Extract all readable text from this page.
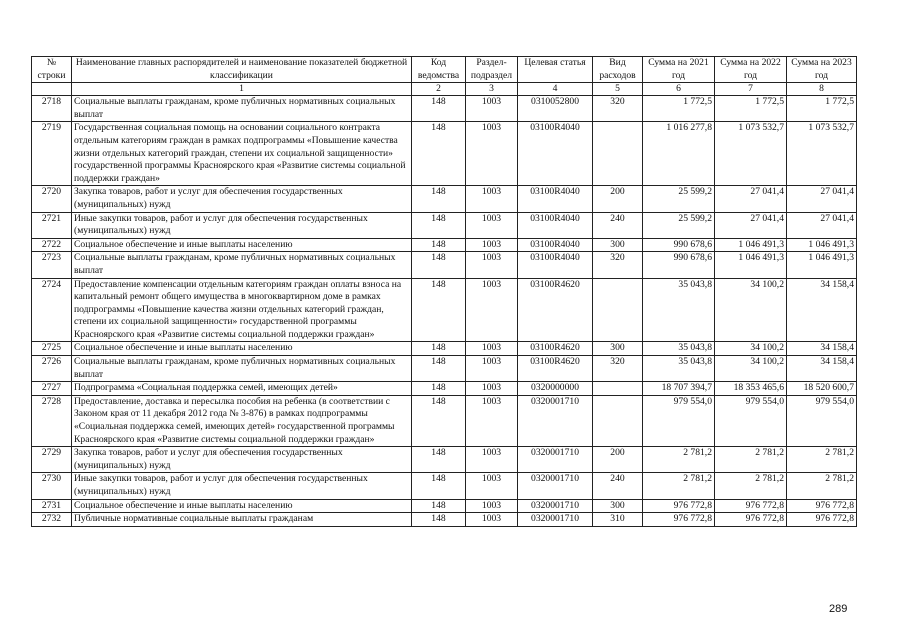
№ строки	Наименование главных распорядителей и наименование показателей бюджетной классификации	Код ведомства	Раздел-подраздел	Целевая статья	Вид расходов	Сумма на 2021 год	Сумма на 2022 год	Сумма на 2023 год
	1	2	3	4	5	6	7	8
2718	Социальные выплаты гражданам, кроме публичных нормативных социальных выплат	148	1003	0310052800	320	1 772,5	1 772,5	1 772,5
2719	Государственная социальная помощь на основании социального контракта отдельным категориям граждан в рамках подпрограммы «Повышение качества жизни отдельных категорий граждан, степени их социальной защищенности» государственной программы Красноярского края «Развитие системы социальной поддержки граждан»	148	1003	03100R4040		1 016 277,8	1 073 532,7	1 073 532,7
2720	Закупка товаров, работ и услуг для обеспечения государственных (муниципальных) нужд	148	1003	03100R4040	200	25 599,2	27 041,4	27 041,4
2721	Иные закупки товаров, работ и услуг для обеспечения государственных (муниципальных) нужд	148	1003	03100R4040	240	25 599,2	27 041,4	27 041,4
2722	Социальное обеспечение и иные выплаты населению	148	1003	03100R4040	300	990 678,6	1 046 491,3	1 046 491,3
2723	Социальные выплаты гражданам, кроме публичных нормативных социальных выплат	148	1003	03100R4040	320	990 678,6	1 046 491,3	1 046 491,3
2724	Предоставление компенсации отдельным категориям граждан оплаты взноса на капитальный ремонт общего имущества в многоквартирном доме в рамках подпрограммы «Повышение качества жизни отдельных категорий граждан, степени их социальной защищенности» государственной программы Красноярского края «Развитие системы социальной поддержки граждан»	148	1003	03100R4620		35 043,8	34 100,2	34 158,4
2725	Социальное обеспечение и иные выплаты населению	148	1003	03100R4620	300	35 043,8	34 100,2	34 158,4
2726	Социальные выплаты гражданам, кроме публичных нормативных социальных выплат	148	1003	03100R4620	320	35 043,8	34 100,2	34 158,4
2727	Подпрограмма «Социальная поддержка семей, имеющих детей»	148	1003	0320000000		18 707 394,7	18 353 465,6	18 520 600,7
2728	Предоставление, доставка и пересылка пособия на ребенка (в соответствии с Законом края от 11 декабря 2012 года № 3-876) в рамках подпрограммы «Социальная поддержка семей, имеющих детей» государственной программы Красноярского края «Развитие системы социальной поддержки граждан»	148	1003	0320001710		979 554,0	979 554,0	979 554,0
2729	Закупка товаров, работ и услуг для обеспечения государственных (муниципальных) нужд	148	1003	0320001710	200	2 781,2	2 781,2	2 781,2
2730	Иные закупки товаров, работ и услуг для обеспечения государственных (муниципальных) нужд	148	1003	0320001710	240	2 781,2	2 781,2	2 781,2
2731	Социальное обеспечение и иные выплаты населению	148	1003	0320001710	300	976 772,8	976 772,8	976 772,8
2732	Публичные нормативные социальные выплаты гражданам	148	1003	0320001710	310	976 772,8	976 772,8	976 772,8
289
